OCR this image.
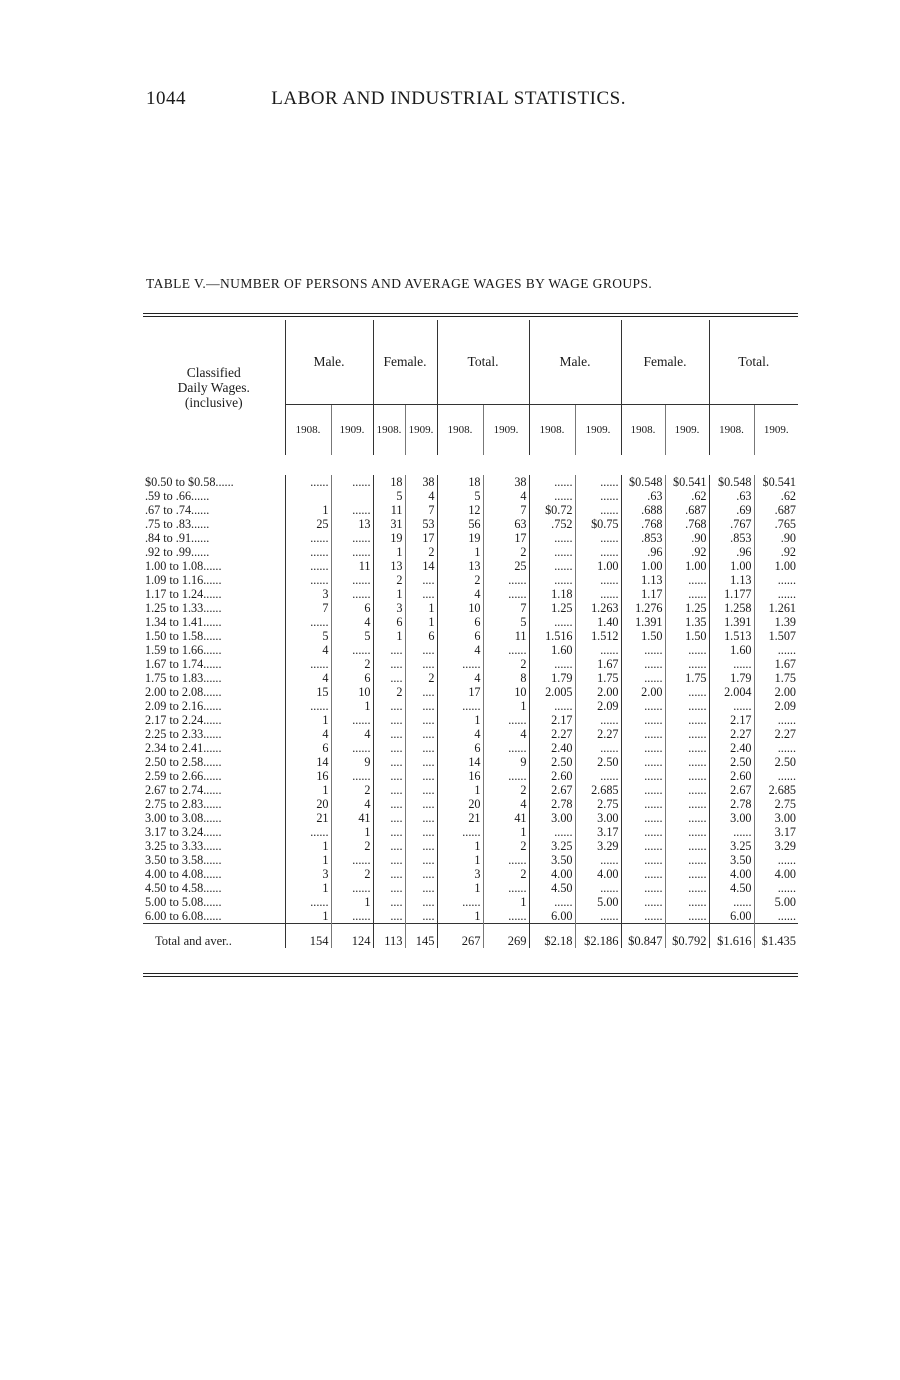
1044	LABOR AND INDUSTRIAL STATISTICS.
TABLE V.—NUMBER OF PERSONS AND AVERAGE WAGES BY WAGE GROUPS.
Classified
Daily Wages.
(inclusive)	Male.		Female.		Total.		Male.		Female.		Total.	
	1908.	1909.	1908.	1909.	1908.	1909.	1908.	1909.	1908.	1909.	1908.	1909.

$0.50 to $0.58......	......	......	18	38	18	38	......	......	$0.548	$0.541	$0.548	$0.541
.59 to .66......			5	4	5	4	......	......	.63	.62	.63	.62
.67 to .74......	1	......	11	7	12	7	$0.72	......	.688	.687	.69	.687
.75 to .83......	25	13	31	53	56	63	.752	$0.75	.768	.768	.767	.765
.84 to .91......	......	......	19	17	19	17	......	......	.853	.90	.853	.90
.92 to .99......	......	......	1	2	1	2	......	......	.96	.92	.96	.92
1.00 to 1.08......	......	11	13	14	13	25	......	1.00	1.00	1.00	1.00	1.00
1.09 to 1.16......	......	......	2	....	2	......	......	......	1.13	......	1.13	......
1.17 to 1.24......	3	......	1	....	4	......	1.18	......	1.17	......	1.177	......
1.25 to 1.33......	7	6	3	1	10	7	1.25	1.263	1.276	1.25	1.258	1.261
1.34 to 1.41......	......	4	6	1	6	5	......	1.40	1.391	1.35	1.391	1.39
1.50 to 1.58......	5	5	1	6	6	11	1.516	1.512	1.50	1.50	1.513	1.507
1.59 to 1.66......	4	......	....	....	4	......	1.60	......	......	......	1.60	......
1.67 to 1.74......	......	2	....	....	......	2	......	1.67	......	......	......	1.67
1.75 to 1.83......	4	6	....	2	4	8	1.79	1.75	......	1.75	1.79	1.75
2.00 to 2.08......	15	10	2	....	17	10	2.005	2.00	2.00	......	2.004	2.00
2.09 to 2.16......	......	1	....	....	......	1	......	2.09	......	......	......	2.09
2.17 to 2.24......	1	......	....	....	1	......	2.17	......	......	......	2.17	......
2.25 to 2.33......	4	4	....	....	4	4	2.27	2.27	......	......	2.27	2.27
2.34 to 2.41......	6	......	....	....	6	......	2.40	......	......	......	2.40	......
2.50 to 2.58......	14	9	....	....	14	9	2.50	2.50	......	......	2.50	2.50
2.59 to 2.66......	16	......	....	....	16	......	2.60	......	......	......	2.60	......
2.67 to 2.74......	1	2	....	....	1	2	2.67	2.685	......	......	2.67	2.685
2.75 to 2.83......	20	4	....	....	20	4	2.78	2.75	......	......	2.78	2.75
3.00 to 3.08......	21	41	....	....	21	41	3.00	3.00	......	......	3.00	3.00
3.17 to 3.24......	......	1	....	....	......	1	......	3.17	......	......	......	3.17
3.25 to 3.33......	1	2	....	....	1	2	3.25	3.29	......	......	3.25	3.29
3.50 to 3.58......	1	......	....	....	1	......	3.50	......	......	......	3.50	......
4.00 to 4.08......	3	2	....	....	3	2	4.00	4.00	......	......	4.00	4.00
4.50 to 4.58......	1	......	....	....	1	......	4.50	......	......	......	4.50	......
5.00 to 5.08......	......	1	....	....	......	1	......	5.00	......	......	......	5.00
6.00 to 6.08......	1	......	....	....	1	......	6.00	......	......	......	6.00	......
Total and aver..	154	124	113	145	267	269	$2.18	$2.186	$0.847	$0.792	$1.616	$1.435
